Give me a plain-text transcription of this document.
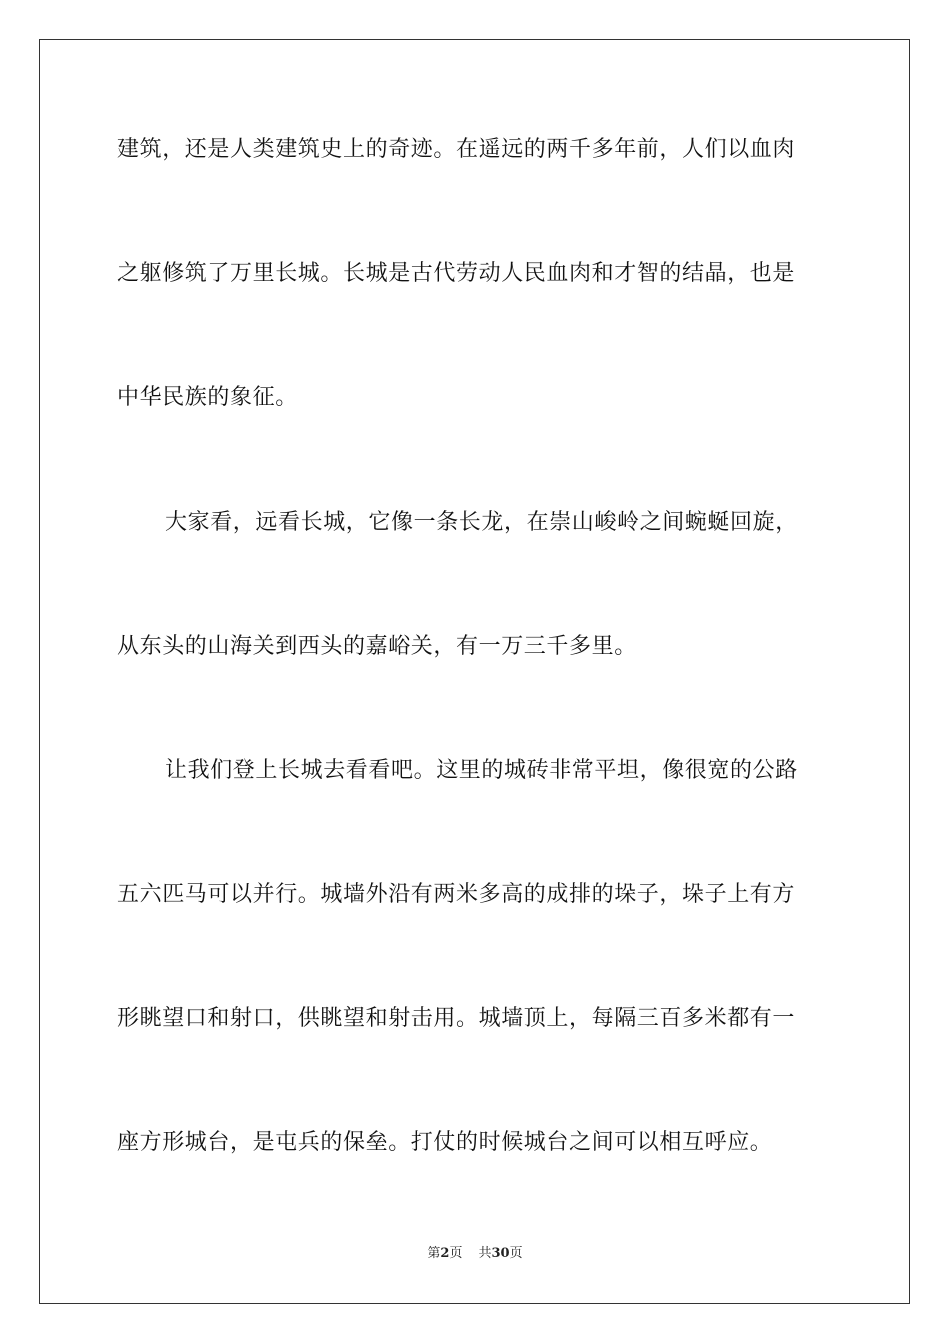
建筑，还是人类建筑史上的奇迹。在遥远的两千多年前，人们以血肉
之躯修筑了万里长城。长城是古代劳动人民血肉和才智的结晶，也是
中华民族的象征。
大家看，远看长城，它像一条长龙，在崇山峻岭之间蜿蜒回旋，
从东头的山海关到西头的嘉峪关，有一万三千多里。
让我们登上长城去看看吧。这里的城砖非常平坦，像很宽的公路
五六匹马可以并行。城墙外沿有两米多高的成排的垛子，垛子上有方
形眺望口和射口，供眺望和射击用。城墙顶上，每隔三百多米都有一
座方形城台，是屯兵的保垒。打仗的时候城台之间可以相互呼应。
第2页 共30页
